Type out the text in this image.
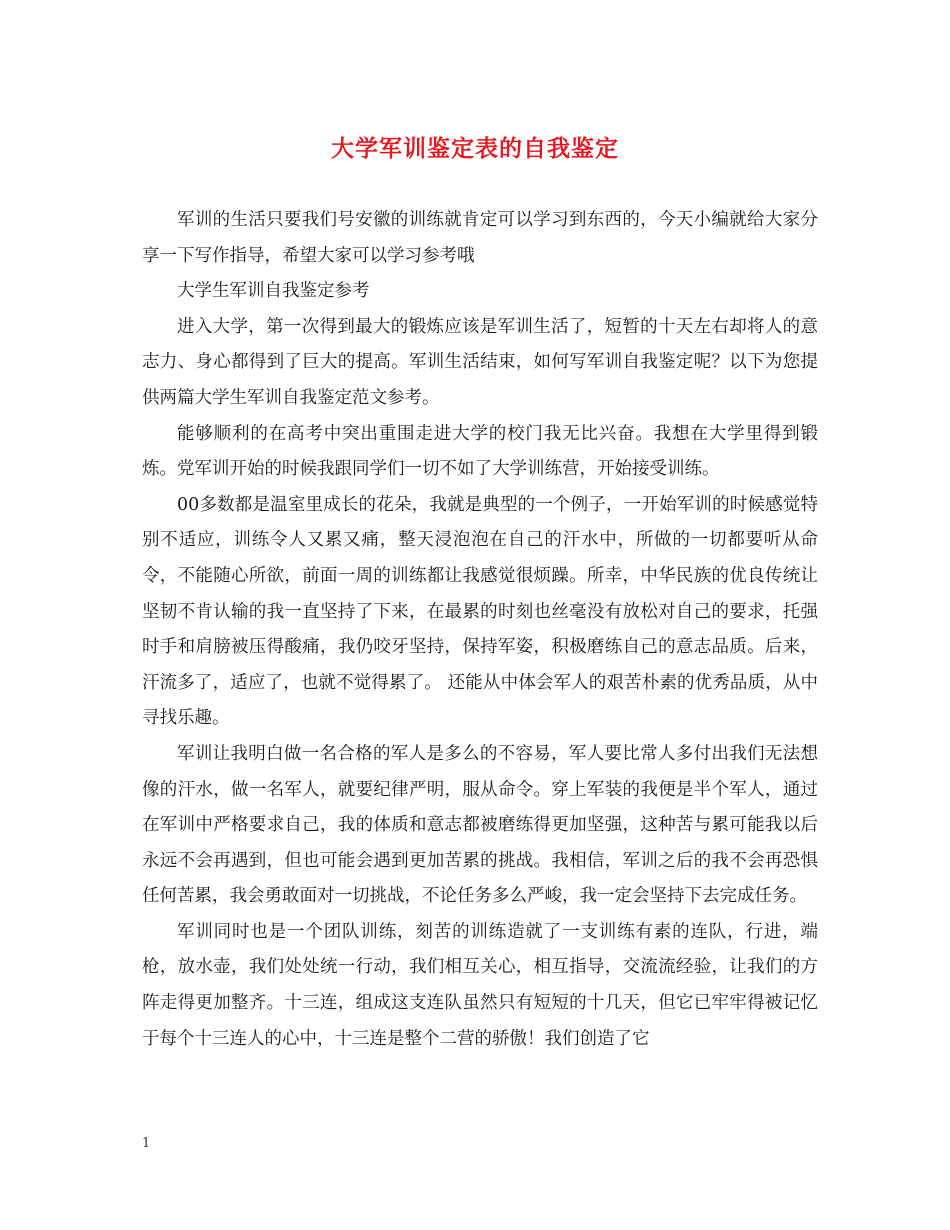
大学军训鉴定表的自我鉴定

军训的生活只要我们号安徽的训练就肯定可以学习到东西的，今天小编就给大家分享一下写作指导，希望大家可以学习参考哦

大学生军训自我鉴定参考

进入大学，第一次得到最大的锻炼应该是军训生活了，短暂的十天左右却将人的意志力、身心都得到了巨大的提高。军训生活结束，如何写军训自我鉴定呢？以下为您提供两篇大学生军训自我鉴定范文参考。

能够顺利的在高考中突出重围走进大学的校门我无比兴奋。我想在大学里得到锻炼。党军训开始的时候我跟同学们一切不如了大学训练营，开始接受训练。

00多数都是温室里成长的花朵，我就是典型的一个例子，一开始军训的时候感觉特别不适应，训练令人又累又痛，整天浸泡泡在自己的汗水中，所做的一切都要听从命令，不能随心所欲，前面一周的训练都让我感觉很烦躁。所幸，中华民族的优良传统让坚韧不肯认输的我一直坚持了下来，在最累的时刻也丝毫没有放松对自己的要求，托强时手和肩膀被压得酸痛，我仍咬牙坚持，保持军姿，积极磨练自己的意志品质。后来，汗流多了，适应了，也就不觉得累了。 还能从中体会军人的艰苦朴素的优秀品质，从中寻找乐趣。

军训让我明白做一名合格的军人是多么的不容易，军人要比常人多付出我们无法想像的汗水，做一名军人，就要纪律严明，服从命令。穿上军装的我便是半个军人，通过在军训中严格要求自己，我的体质和意志都被磨练得更加坚强，这种苦与累可能我以后永远不会再遇到，但也可能会遇到更加苦累的挑战。我相信，军训之后的我不会再恐惧任何苦累，我会勇敢面对一切挑战，不论任务多么严峻，我一定会坚持下去完成任务。

军训同时也是一个团队训练，刻苦的训练造就了一支训练有素的连队，行进，端枪，放水壶，我们处处统一行动，我们相互关心，相互指导，交流流经验，让我们的方阵走得更加整齐。十三连，组成这支连队虽然只有短短的十几天，但它已牢牢得被记忆于每个十三连人的心中，十三连是整个二营的骄傲！我们创造了它

1
